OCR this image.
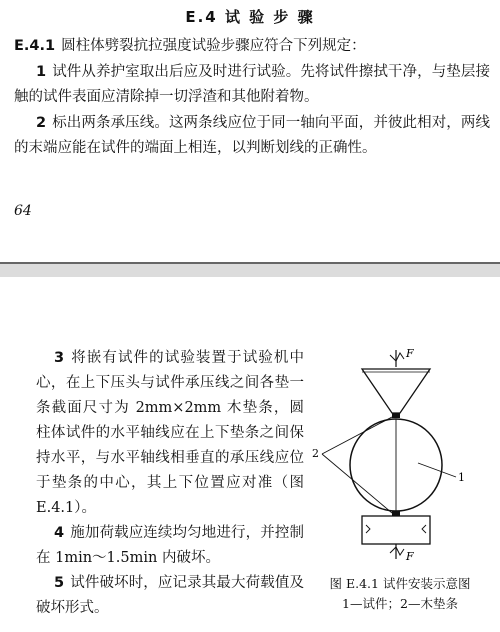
E.4 试 验 步 骤

E.4.1 圆柱体劈裂抗拉强度试验步骤应符合下列规定：

1 试件从养护室取出后应及时进行试验。先将试件擦拭干净，与垫层接触的试件表面应清除掉一切浮渣和其他附着物。

2 标出两条承压线。这两条线应位于同一轴向平面，并彼此相对，两线的末端应能在试件的端面上相连，以判断划线的正确性。

64

3 将嵌有试件的试验装置于试验机中心，在上下压头与试件承压线之间各垫一条截面尺寸为 2mm×2mm 木垫条，圆柱体试件的水平轴线应在上下垫条之间保持水平，与水平轴线相垂直的承压线应位于垫条的中心，其上下位置应对准（图 E.4.1）。

4 施加荷载应连续均匀地进行，并控制在 1min～1.5min 内破坏。

5 试件破坏时，应记录其最大荷载值及破坏形式。

F
F
2
1
图 E.4.1 试件安装示意图
1—试件；2—木垫条
